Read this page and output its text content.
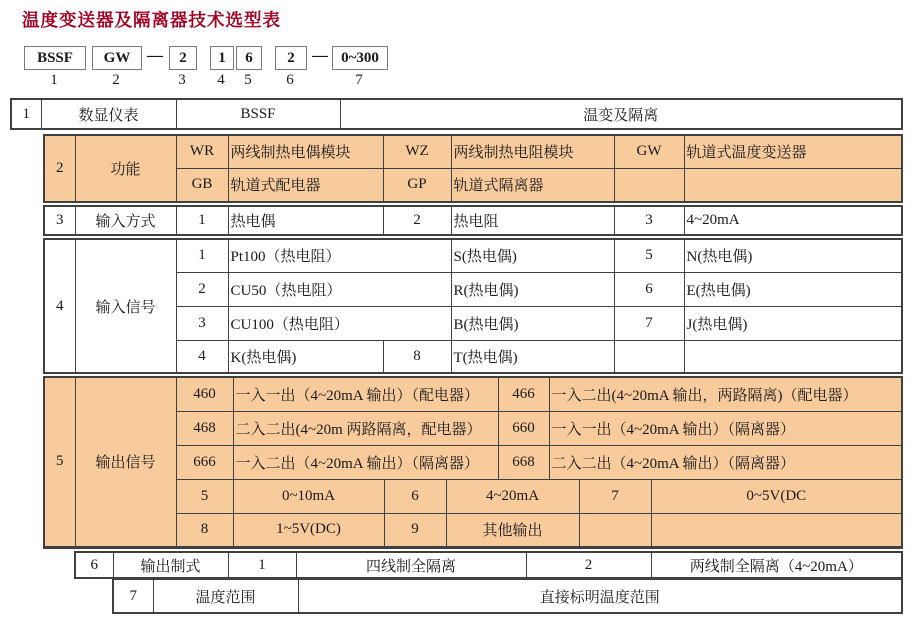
温度变送器及隔离器技术选型表
BSSF	GW	—	2	1	6	2	— 0~300
1	2	3	4	5	6	7
1	数显仪表	BSSF	温变及隔离
2	功能	WR	两线制热电偶模块	WZ	两线制热电阻模块	GW	轨道式温度变送器
		GB	轨道式配电器	GP	轨道式隔离器		
3	输入方式	1	热电偶	2	热电阻	3	4~20mA
4	输入信号	1	Pt100（热电阻）		S(热电偶)	5	N(热电偶)
		2	CU50（热电阻）		R(热电偶)	6	E(热电偶)
		3	CU100（热电阻）		B(热电偶)	7	J(热电偶)
		4	K(热电偶)	8	T(热电偶)		
5	输出信号	460	一入一出（4~20mA 输出）（配电器）			466	一入二出(4~20mA 输出，两路隔离)（配电器）		
		468	二入二出(4~20m 两路隔离，配电器）			660	一入一出（4~20mA 输出）（隔离器）		
		666	一入二出（4~20mA 输出）（隔离器）			668	二入二出（4~20mA 输出）（隔离器）		
		5	0~10mA	6	4~20mA			7	0~5V(DC
		8	1~5V(DC)	9	其他输出				
6	输出制式	1	四线制全隔离	2	两线制全隔离（4~20mA）
7	温度范围	直接标明温度范围
